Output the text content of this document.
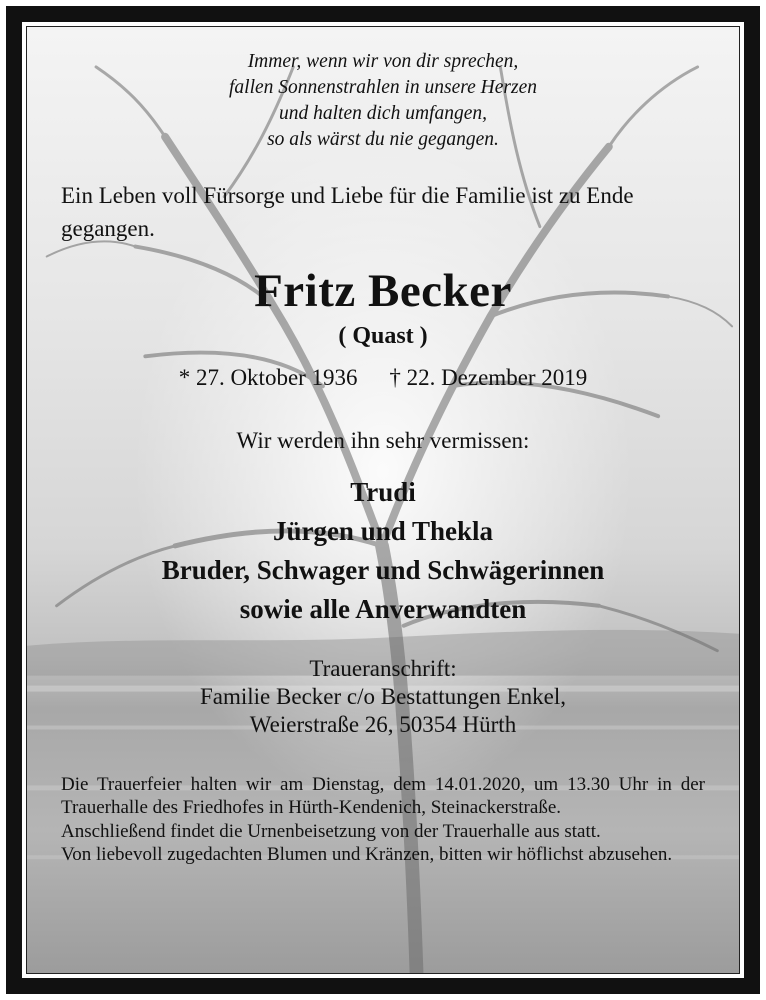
Immer, wenn wir von dir sprechen,
fallen Sonnenstrahlen in unsere Herzen
und halten dich umfangen,
so als wärst du nie gegangen.
Ein Leben voll Fürsorge und Liebe für die Familie ist zu Ende gegangen.
Fritz Becker
( Quast )
* 27. Oktober 1936 † 22. Dezember 2019
Wir werden ihn sehr vermissen:
Trudi
Jürgen und Thekla
Bruder, Schwager und Schwägerinnen
sowie alle Anverwandten
Traueranschrift:
Familie Becker c/o Bestattungen Enkel,
Weierstraße 26, 50354 Hürth

Die Trauerfeier halten wir am Dienstag, dem 14.01.2020, um 13.30 Uhr in der Trauerhalle des Friedhofes in Hürth-Kendenich, Steinackerstraße.

Anschließend findet die Urnenbeisetzung von der Trauerhalle aus statt.

Von liebevoll zugedachten Blumen und Kränzen, bitten wir höflichst abzusehen.
